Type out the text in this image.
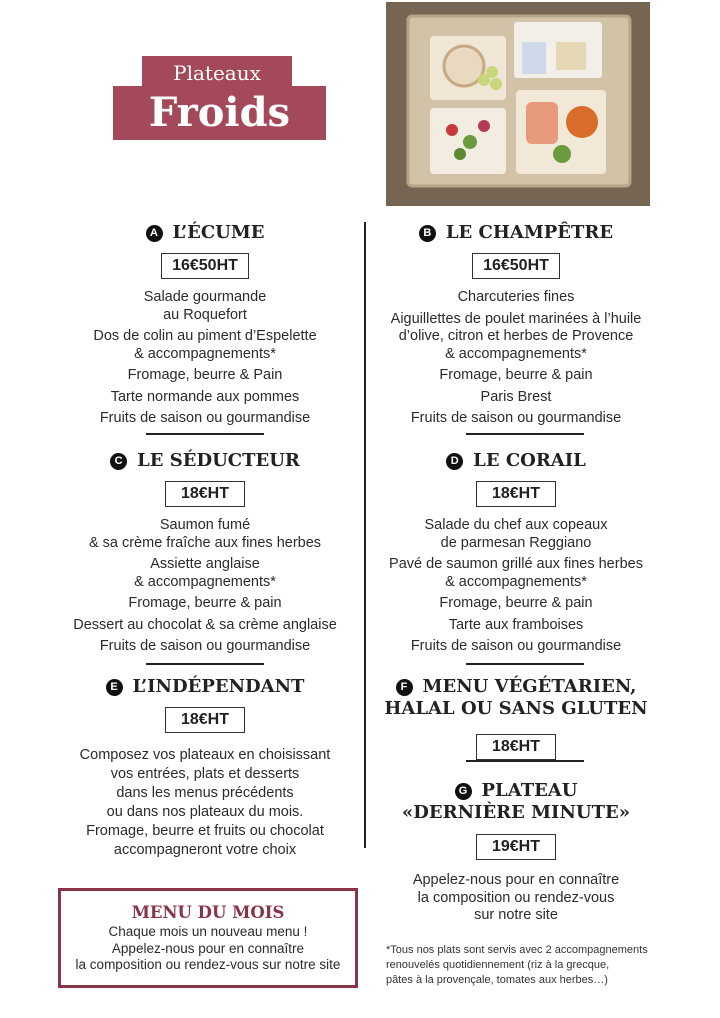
Plateaux
Froids
A L’ÉCUME
16€50HT
Salade gourmande
au Roquefort
Dos de colin au piment d’Espelette
& accompagnements*
Fromage, beurre & Pain
Tarte normande aux pommes
Fruits de saison ou gourmandise
B LE CHAMPÊTRE
16€50HT
Charcuteries fines
Aiguillettes de poulet marinées à l’huile
d’olive, citron et herbes de Provence
& accompagnements*
Fromage, beurre & pain
Paris Brest
Fruits de saison ou gourmandise
C LE SÉDUCTEUR
18€HT
Saumon fumé
& sa crème fraîche aux fines herbes
Assiette anglaise
& accompagnements*
Fromage, beurre & pain
Dessert au chocolat & sa crème anglaise
Fruits de saison ou gourmandise
D LE CORAIL
18€HT
Salade du chef aux copeaux
de parmesan Reggiano
Pavé de saumon grillé aux fines herbes
& accompagnements*
Fromage, beurre & pain
Tarte aux framboises
Fruits de saison ou gourmandise
E L’INDÉPENDANT
18€HT
Composez vos plateaux en choisissant
vos entrées, plats et desserts
dans les menus précédents
ou dans nos plateaux du mois.
Fromage, beurre et fruits ou chocolat
accompagneront votre choix
F MENU VÉGÉTARIEN,
HALAL OU SANS GLUTEN
18€HT
G PLATEAU
«DERNIÈRE MINUTE»
19€HT
Appelez-nous pour en connaître
la composition ou rendez-vous
sur notre site
MENU DU MOIS
Chaque mois un nouveau menu !
Appelez-nous pour en connaître
la composition ou rendez-vous sur notre site
*Tous nos plats sont servis avec 2 accompagnements
renouvelés quotidiennement (riz à la grecque,
pâtes à la provençale, tomates aux herbes…)
